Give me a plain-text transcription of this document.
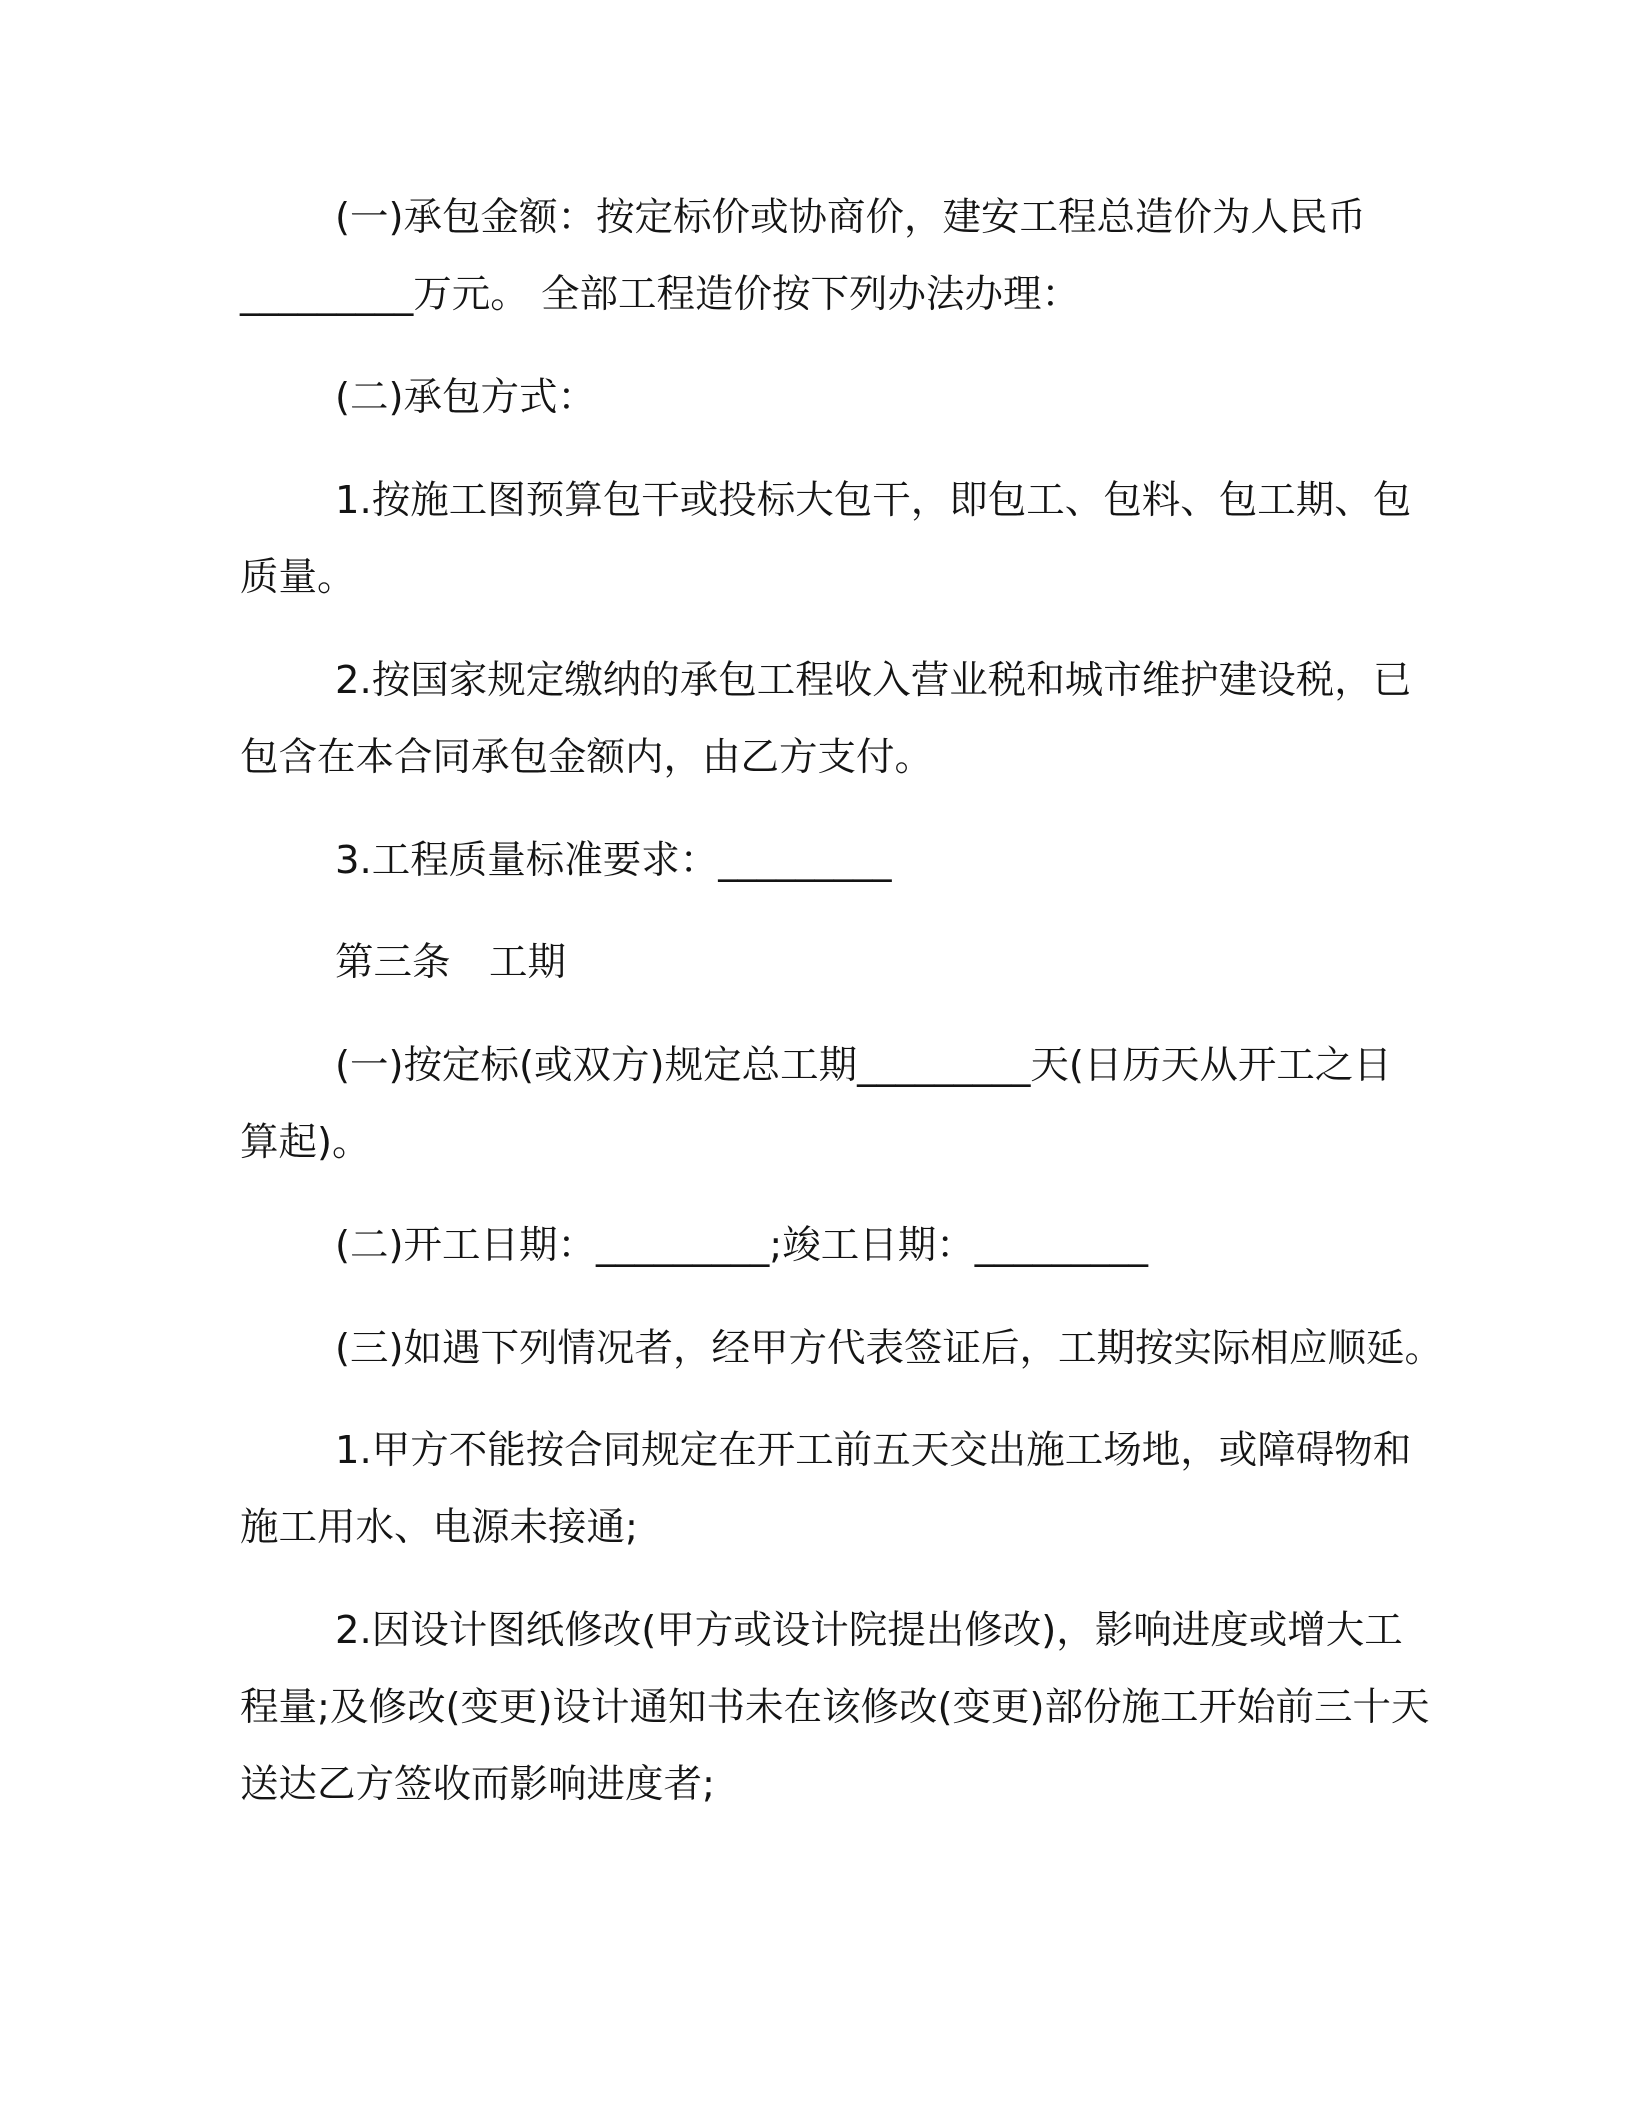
(一)承包金额：按定标价或协商价，建安工程总造价为人民币
_________万元。 全部工程造价按下列办法办理：

(二)承包方式：

1.按施工图预算包干或投标大包干，即包工、包料、包工期、包
质量。

2.按国家规定缴纳的承包工程收入营业税和城市维护建设税，已
包含在本合同承包金额内，由乙方支付。

3.工程质量标准要求：_________

第三条　工期

(一)按定标(或双方)规定总工期_________天(日历天从开工之日
算起)。

(二)开工日期：_________;竣工日期：_________

(三)如遇下列情况者，经甲方代表签证后，工期按实际相应顺延。

1.甲方不能按合同规定在开工前五天交出施工场地，或障碍物和
施工用水、电源未接通;

2.因设计图纸修改(甲方或设计院提出修改)，影响进度或增大工
程量;及修改(变更)设计通知书未在该修改(变更)部份施工开始前三十天
送达乙方签收而影响进度者;
